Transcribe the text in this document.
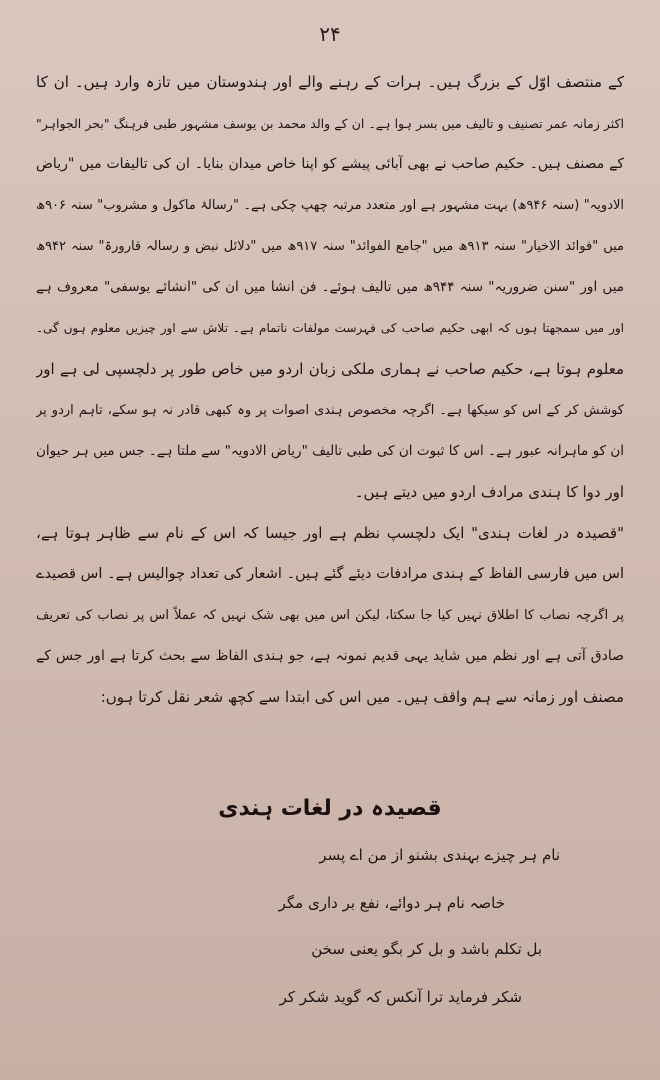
۲۴
کے منتصف اوّل کے بزرگ ہیں۔ ہرات کے رہنے والے اور ہندوستان میں تازہ وارد ہیں۔ ان کا
اکثر زمانہ عمر تصنیف و تالیف میں بسر ہوا ہے۔ ان کے والد محمد بن یوسف مشہور طبی فرہنگ "بحر الجواہر"
کے مصنف ہیں۔ حکیم صاحب نے بھی آبائی پیشے کو اپنا خاص میدان بنایا۔ ان کی تالیفات میں "ریاض
الادویہ" (سنہ ۹۴۶ھ) بہت مشہور ہے اور متعدد مرتبہ چھپ چکی ہے۔ "رسالۂ ماکول و مشروب" سنہ ۹۰۶ھ
میں "فوائد الاخیار" سنہ ۹۱۳ھ میں "جامع الفوائد" سنہ ۹۱۷ھ میں "دلائل نبض و رسالہ قارورۃ" سنہ ۹۴۲ھ
میں اور "سنن ضروریہ" سنہ ۹۴۴ھ میں تالیف ہوئے۔ فن انشا میں ان کی "انشائے یوسفی" معروف ہے
اور میں سمجھتا ہوں کہ ابھی حکیم صاحب کی فہرست مولفات ناتمام ہے۔ تلاش سے اور چیزیں معلوم ہوں گی۔
معلوم ہوتا ہے، حکیم صاحب نے ہماری ملکی زبان اردو میں خاص طور پر دلچسپی لی ہے اور
کوشش کر کے اس کو سیکھا ہے۔ اگرچہ مخصوص ہندی اصوات پر وہ کبھی قادر نہ ہو سکے، تاہم اردو پر
ان کو ماہرانہ عبور ہے۔ اس کا ثبوت ان کی طبی تالیف "ریاض الادویہ" سے ملتا ہے۔ جس میں ہر حیوان
اور دوا کا ہندی مرادف اردو میں دیتے ہیں۔
"قصیدہ در لغات ہندی" ایک دلچسپ نظم ہے اور جیسا کہ اس کے نام سے ظاہر ہوتا ہے،
اس میں فارسی الفاظ کے ہندی مرادفات دیئے گئے ہیں۔ اشعار کی تعداد چوالیس ہے۔ اس قصیدے
پر اگرچہ نصاب کا اطلاق نہیں کیا جا سکتا، لیکن اس میں بھی شک نہیں کہ عملاً اس پر نصاب کی تعریف
صادق آتی ہے اور نظم میں شاید یہی قدیم نمونہ ہے، جو ہندی الفاظ سے بحث کرتا ہے اور جس کے
مصنف اور زمانہ سے ہم واقف ہیں۔ میں اس کی ابتدا سے کچھ شعر نقل کرتا ہوں:
قصیدہ در لغات ہندی
نام ہر چیزے بہندی بشنو از من اے پسر
خاصہ نام ہر دوائے، نفع بر داری مگر
بل تکلم باشد و بل کر بگو یعنی سخن
شکر فرماید ترا آنکس کہ گوید شکر کر
